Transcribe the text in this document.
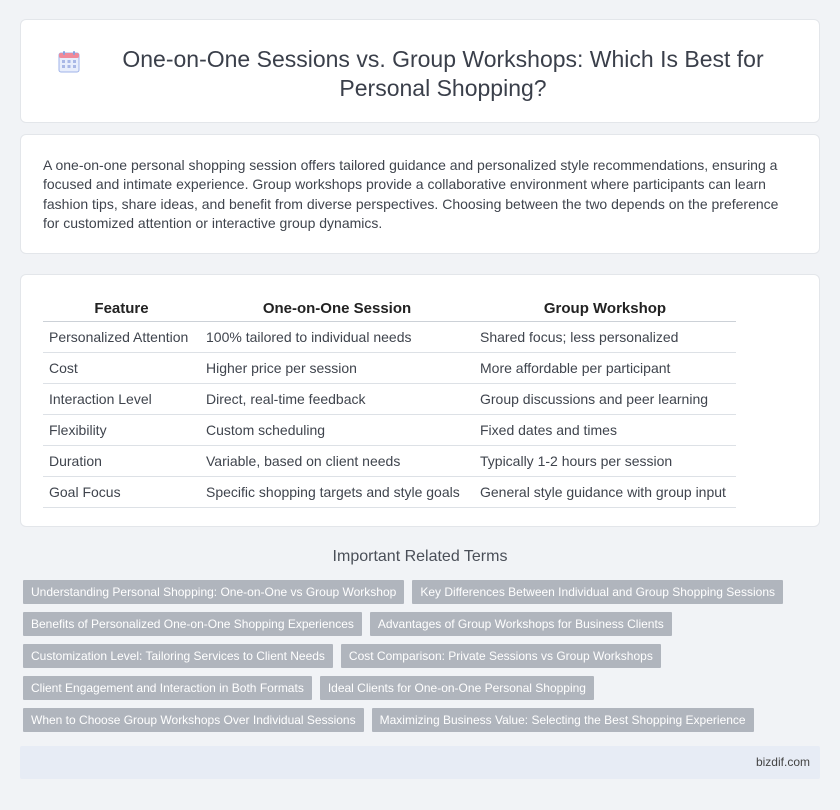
One-on-One Sessions vs. Group Workshops: Which Is Best for Personal Shopping?

A one-on-one personal shopping session offers tailored guidance and personalized style recommendations, ensuring a focused and intimate experience. Group workshops provide a collaborative environment where participants can learn fashion tips, share ideas, and benefit from diverse perspectives. Choosing between the two depends on the preference for customized attention or interactive group dynamics.

Feature	One-on-One Session	Group Workshop
Personalized Attention	100% tailored to individual needs	Shared focus; less personalized
Cost	Higher price per session	More affordable per participant
Interaction Level	Direct, real-time feedback	Group discussions and peer learning
Flexibility	Custom scheduling	Fixed dates and times
Duration	Variable, based on client needs	Typically 1-2 hours per session
Goal Focus	Specific shopping targets and style goals	General style guidance with group input
Important Related Terms
Understanding Personal Shopping: One-on-One vs Group Workshop	Key Differences Between Individual and Group Shopping Sessions
Benefits of Personalized One-on-One Shopping Experiences	Advantages of Group Workshops for Business Clients
Customization Level: Tailoring Services to Client Needs	Cost Comparison: Private Sessions vs Group Workshops
Client Engagement and Interaction in Both Formats	Ideal Clients for One-on-One Personal Shopping
When to Choose Group Workshops Over Individual Sessions	Maximizing Business Value: Selecting the Best Shopping Experience
bizdif.com
